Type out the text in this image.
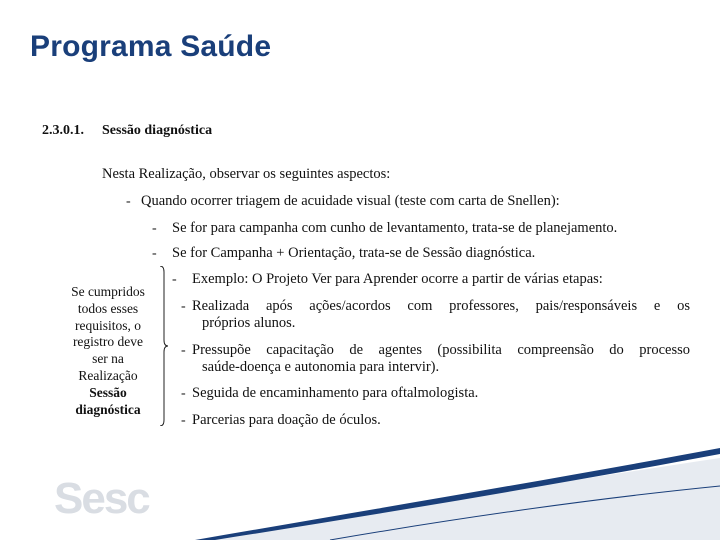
Programa Saúde
2.3.0.1. Sessão diagnóstica
Nesta Realização, observar os seguintes aspectos:
- Quando ocorrer triagem de acuidade visual (teste com carta de Snellen):
- Se for para campanha com cunho de levantamento, trata-se de planejamento.
- Se for Campanha + Orientação, trata-se de Sessão diagnóstica.
- Exemplo: O Projeto Ver para Aprender ocorre a partir de várias etapas:
- Realizada após ações/acordos com professores, pais/responsáveis e os
próprios alunos.
- Pressupõe capacitação de agentes (possibilita compreensão do processo
saúde-doença e autonomia para intervir).
- Seguida de encaminhamento para oftalmologista.
- Parcerias para doação de óculos.
Se cumpridos
todos esses
requisitos, o
registro deve
ser na
Realização
Sessão
diagnóstica
Sesc
